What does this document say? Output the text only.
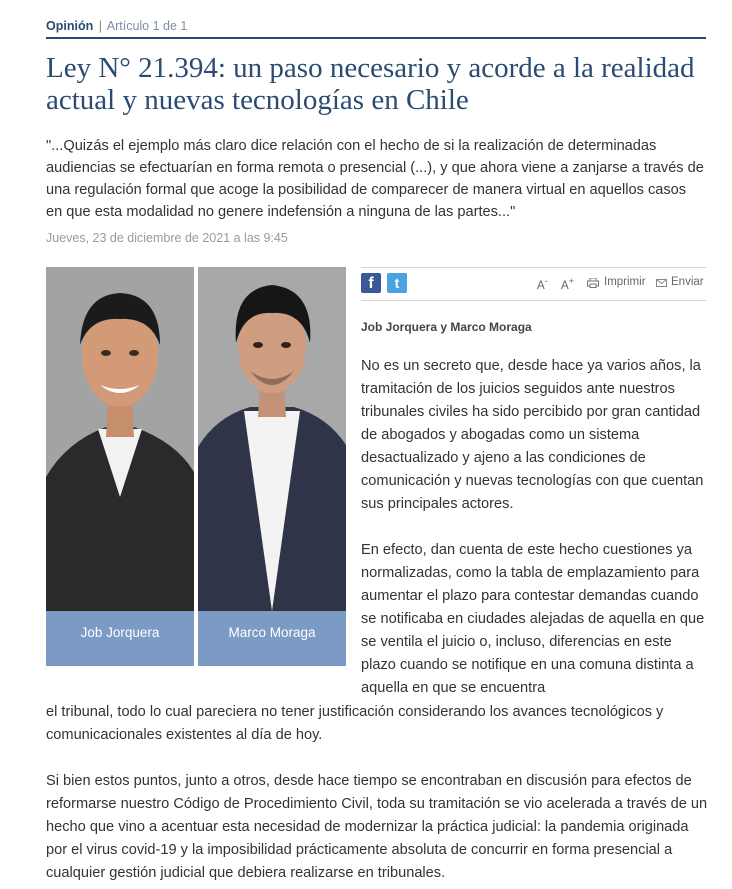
Opinión | Artículo 1 de 1
Ley N° 21.394: un paso necesario y acorde a la realidad actual y nuevas tecnologías en Chile

"...Quizás el ejemplo más claro dice relación con el hecho de si la realización de determinadas audiencias se efectuarían en forma remota o presencial (...), y que ahora viene a zanjarse a través de una regulación formal que acoge la posibilidad de comparecer de manera virtual en aquellos casos en que esta modalidad no genere indefensión a ninguna de las partes..."

Jueves, 23 de diciembre de 2021 a las 9:45
Job Jorquera	Marco Moraga
f	t	A- A+	Imprimir Enviar
Job Jorquera y Marco Moraga

No es un secreto que, desde hace ya varios años, la tramitación de los juicios seguidos ante nuestros tribunales civiles ha sido percibido por gran cantidad de abogados y abogadas como un sistema desactualizado y ajeno a las condiciones de comunicación y nuevas tecnologías con que cuentan sus principales actores.

En efecto, dan cuenta de este hecho cuestiones ya normalizadas, como la tabla de emplazamiento para aumentar el plazo para contestar demandas cuando se notificaba en ciudades alejadas de aquella en que se ventila el juicio o, incluso, diferencias en este plazo cuando se notifique en una comuna distinta a aquella en que se encuentra

el tribunal, todo lo cual pareciera no tener justificación considerando los avances tecnológicos y comunicacionales existentes al día de hoy.

Si bien estos puntos, junto a otros, desde hace tiempo se encontraban en discusión para efectos de reformarse nuestro Código de Procedimiento Civil, toda su tramitación se vio acelerada a través de un hecho que vino a acentuar esta necesidad de modernizar la práctica judicial: la pandemia originada por el virus covid-19 y la imposibilidad prácticamente absoluta de concurrir en forma presencial a cualquier gestión judicial que debiera realizarse en tribunales.
